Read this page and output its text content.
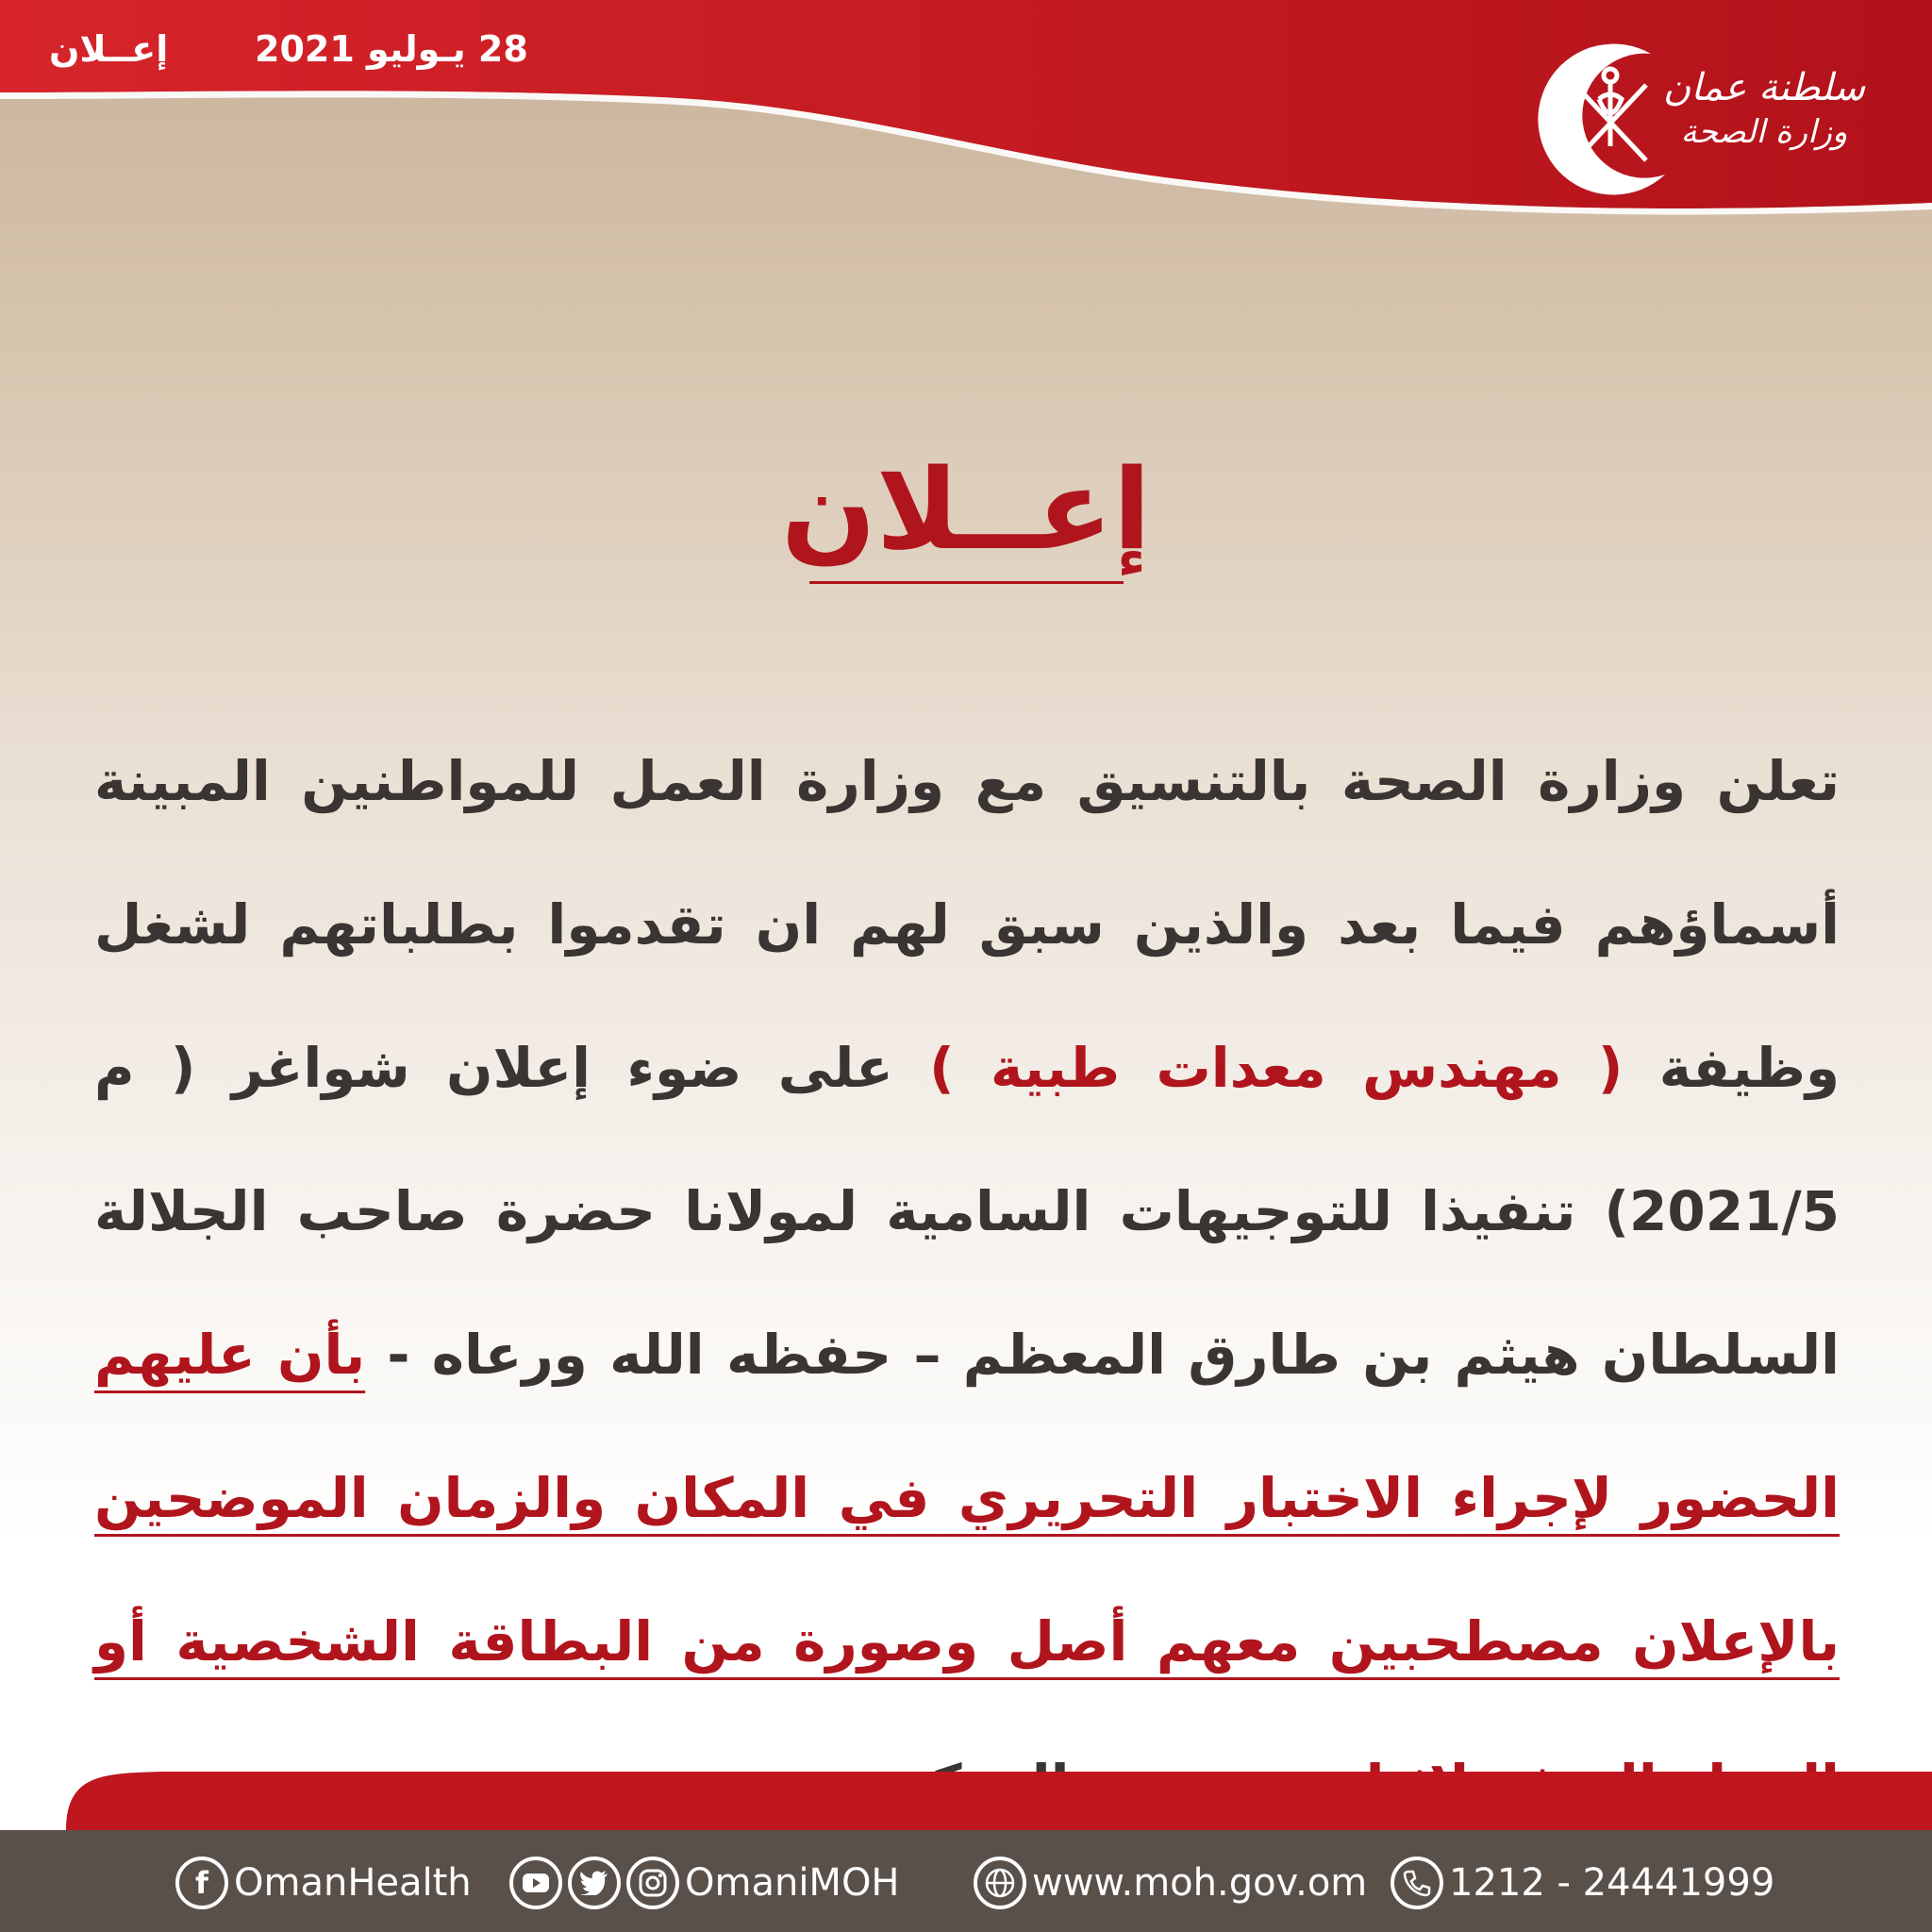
28 يـوليو 2021
إعــلان
سلطنة عمان
وزارة الصحة
إعــلان
تعلن وزارة الصحة بالتنسيق مع وزارة العمل للمواطنين المبينة أسماؤهم فيما بعد والذين سبق لهم ان تقدموا بطلباتهم لشغل وظيفة ( مهندس معدات طبية ) على ضوء إعلان شواغر ( م 2021/5) تنفيذا للتوجيهات السامية لمولانا حضرة صاحب الجلالة السلطان هيثم بن طارق المعظم – حفظه الله ورعاه - بأن عليهم الحضور لإجراء الاختبار التحريري في المكان والزمان الموضحين بالإعلان مصطحبين معهم أصل وصورة من البطاقة الشخصية أو
f OmanHealth	OmaniMOH	www.moh.gov.om 24441999 - 1212
